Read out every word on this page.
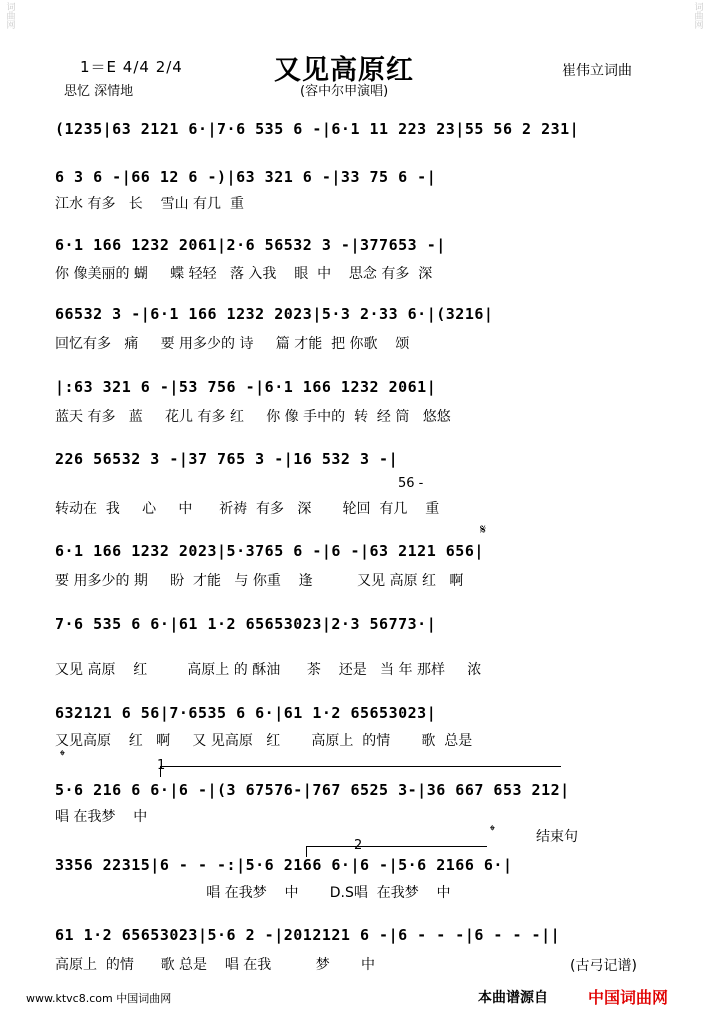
词
曲
网
词
曲
网
1＝E 4/4 2/4
思忆 深情地
又见高原红
(容中尔甲演唱)
崔伟立词曲
(1235|63 2121 6·|7·6 535 6 -|6·1 11 223 23|55 56 2 231|
6 3 6 -|66 12 6 -)|63 321 6 -|33 75 6 -|
江水 有多   长    雪山 有几  重
6·1 166 1232 2061|2·6 56532 3 -|377653 -|
你 像美丽的 蝴     蝶 轻轻   落 入我    眼  中    思念 有多  深
66532 3 -|6·1 166 1232 2023|5·3 2·33 6·|(3216|
回忆有多   痛     要 用多少的 诗     篇 才能  把 你歌    颂
|:63 321 6 -|53 756 -|6·1 166 1232 2061|
蓝天 有多   蓝     花儿 有多 红     你 像 手中的  转  经 筒   悠悠
226 56532 3 -|37 765 3 -|16 532 3 -|
56 -
转动在  我     心     中      祈祷  有多   深       轮回  有几    重
𝄋
6·1 166 1232 2023|5·3765 6 -|6 -|63 2121 656|
要 用多少的 期     盼  才能   与 你重    逢          又见 高原 红   啊
7·6 535 6 6·|61 1·2 65653023|2·3 56773·|
又见 高原    红         高原上 的 酥油      茶    还是   当 年 那样     浓
632121 6 56|7·6535 6 6·|61 1·2 65653023|
又见高原    红   啊     又 见高原   红       高原上  的情       歌  总是
𝄌
1
5·6 216 6 6·|6 -|(3 67576-|767 6525 3-|36 667 653 212|
唱 在我梦    中
𝄌	结束句
2
3356 22315|6 - - -:|5·6 2166 6·|6 -|5·6 2166 6·|
唱 在我梦    中       D.S唱  在我梦    中
61 1·2 65653023|5·6 2 -|2012121 6 -|6 - - -|6 - - -||
高原上  的情      歌 总是    唱 在我          梦       中	(古弓记谱)
www.ktvc8.com 中国词曲网	本曲谱源自	中国词曲网
